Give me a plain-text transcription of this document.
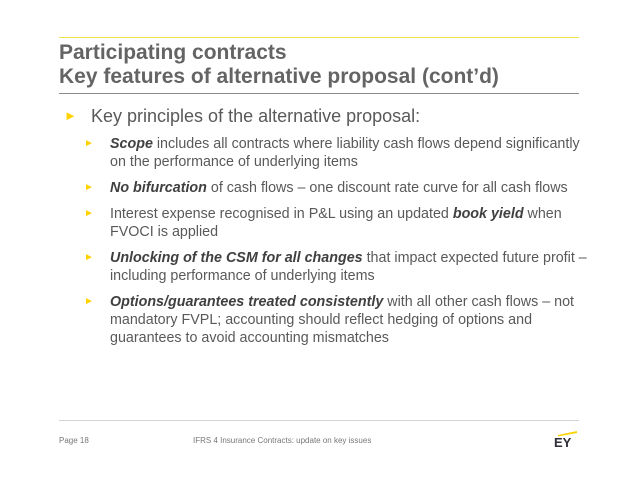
Participating contracts
Key features of alternative proposal (cont’d)
► Key principles of the alternative proposal:
► Scope includes all contracts where liability cash flows depend significantly on the performance of underlying items
► No bifurcation of cash flows – one discount rate curve for all cash flows
► Interest expense recognised in P&L using an updated book yield when FVOCI is applied
► Unlocking of the CSM for all changes that impact expected future profit – including performance of underlying items
► Options/guarantees treated consistently with all other cash flows – not mandatory FVPL; accounting should reflect hedging of options and guarantees to avoid accounting mismatches
Page 18	IFRS 4 Insurance Contracts: update on key issues	EY
